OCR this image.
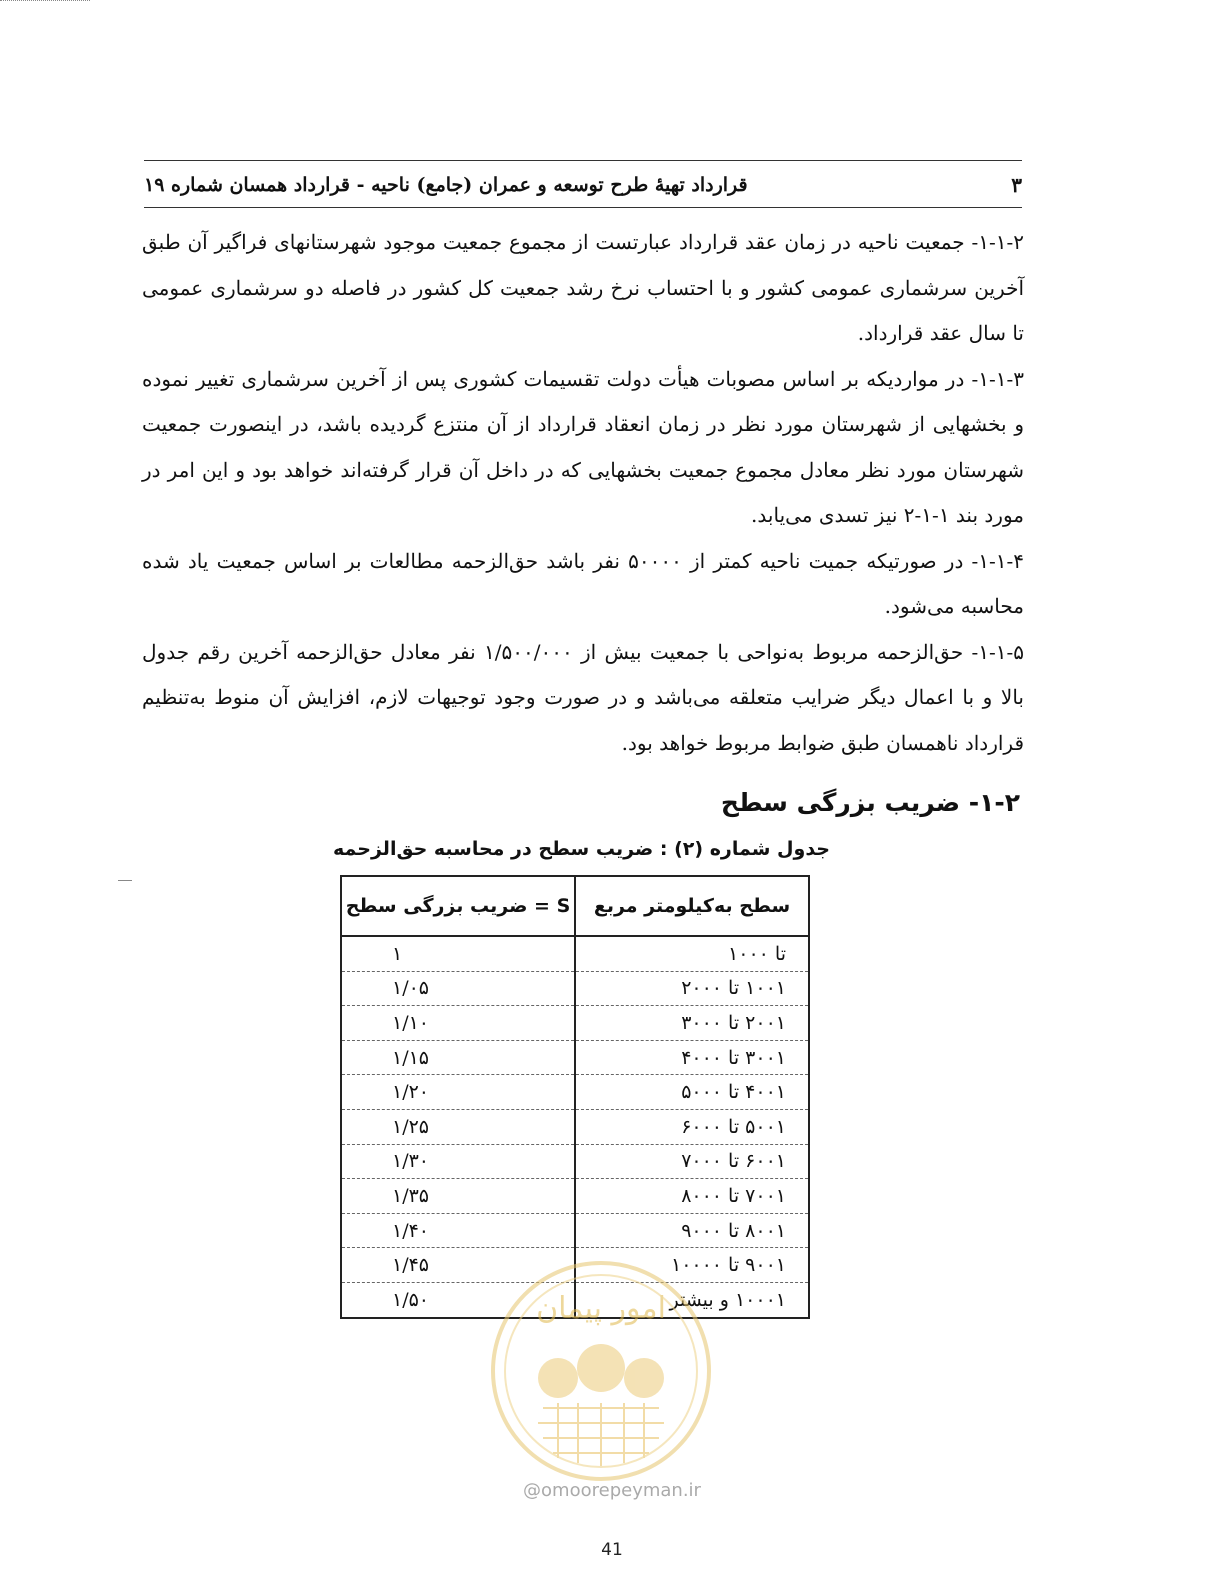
۳
قرارداد تهیهٔ طرح توسعه و عمران (جامع) ناحیه - قرارداد همسان شماره ۱۹

۱-۱-۲- جمعیت ناحیه در زمان عقد قرارداد عبارتست از مجموع جمعیت موجود شهرستانهای فراگیر آن طبق آخرین سرشماری عمومی کشور و با احتساب نرخ رشد جمعیت کل کشور در فاصله دو سرشماری عمومی تا سال عقد قرارداد.

۱-۱-۳- در مواردیکه بر اساس مصوبات هیأت دولت تقسیمات کشوری پس از آخرین سرشماری تغییر نموده و بخشهایی از شهرستان مورد نظر در زمان انعقاد قرارداد از آن منتزع گردیده باشد، در اینصورت جمعیت شهرستان مورد نظر معادل مجموع جمعیت بخشهایی که در داخل آن قرار گرفته‌اند خواهد بود و این امر در مورد بند ۱-۱-۲ نیز تسدی می‌یابد.

۱-۱-۴- در صورتیکه جمیت ناحیه کمتر از ۵۰۰۰۰ نفر باشد حق‌الزحمه مطالعات بر اساس جمعیت یاد شده محاسبه می‌شود.

۱-۱-۵- حق‌الزحمه مربوط به‌نواحی با جمعیت بیش از ۱/۵۰۰/۰۰۰ نفر معادل حق‌الزحمه آخرین رقم جدول بالا و با اعمال دیگر ضرایب متعلقه می‌باشد و در صورت وجود توجیهات لازم، افزایش آن منوط به‌تنظیم قرارداد ناهمسان طبق ضوابط مربوط خواهد بود.

۱-۲- ضریب بزرگی سطح
جدول شماره (۲) : ضریب سطح در محاسبه حق‌الزحمه
سطح به‌کیلومتر مربع	S = ضریب بزرگی سطح
تا ۱۰۰۰	۱
۱۰۰۱ تا ۲۰۰۰	۱/۰۵
۲۰۰۱ تا ۳۰۰۰	۱/۱۰
۳۰۰۱ تا ۴۰۰۰	۱/۱۵
۴۰۰۱ تا ۵۰۰۰	۱/۲۰
۵۰۰۱ تا ۶۰۰۰	۱/۲۵
۶۰۰۱ تا ۷۰۰۰	۱/۳۰
۷۰۰۱ تا ۸۰۰۰	۱/۳۵
۸۰۰۱ تا ۹۰۰۰	۱/۴۰
۹۰۰۱ تا ۱۰۰۰۰	۱/۴۵
۱۰۰۰۱ و بیشتر	۱/۵۰	امور پیمان
@omoorepeyman.ir
41
